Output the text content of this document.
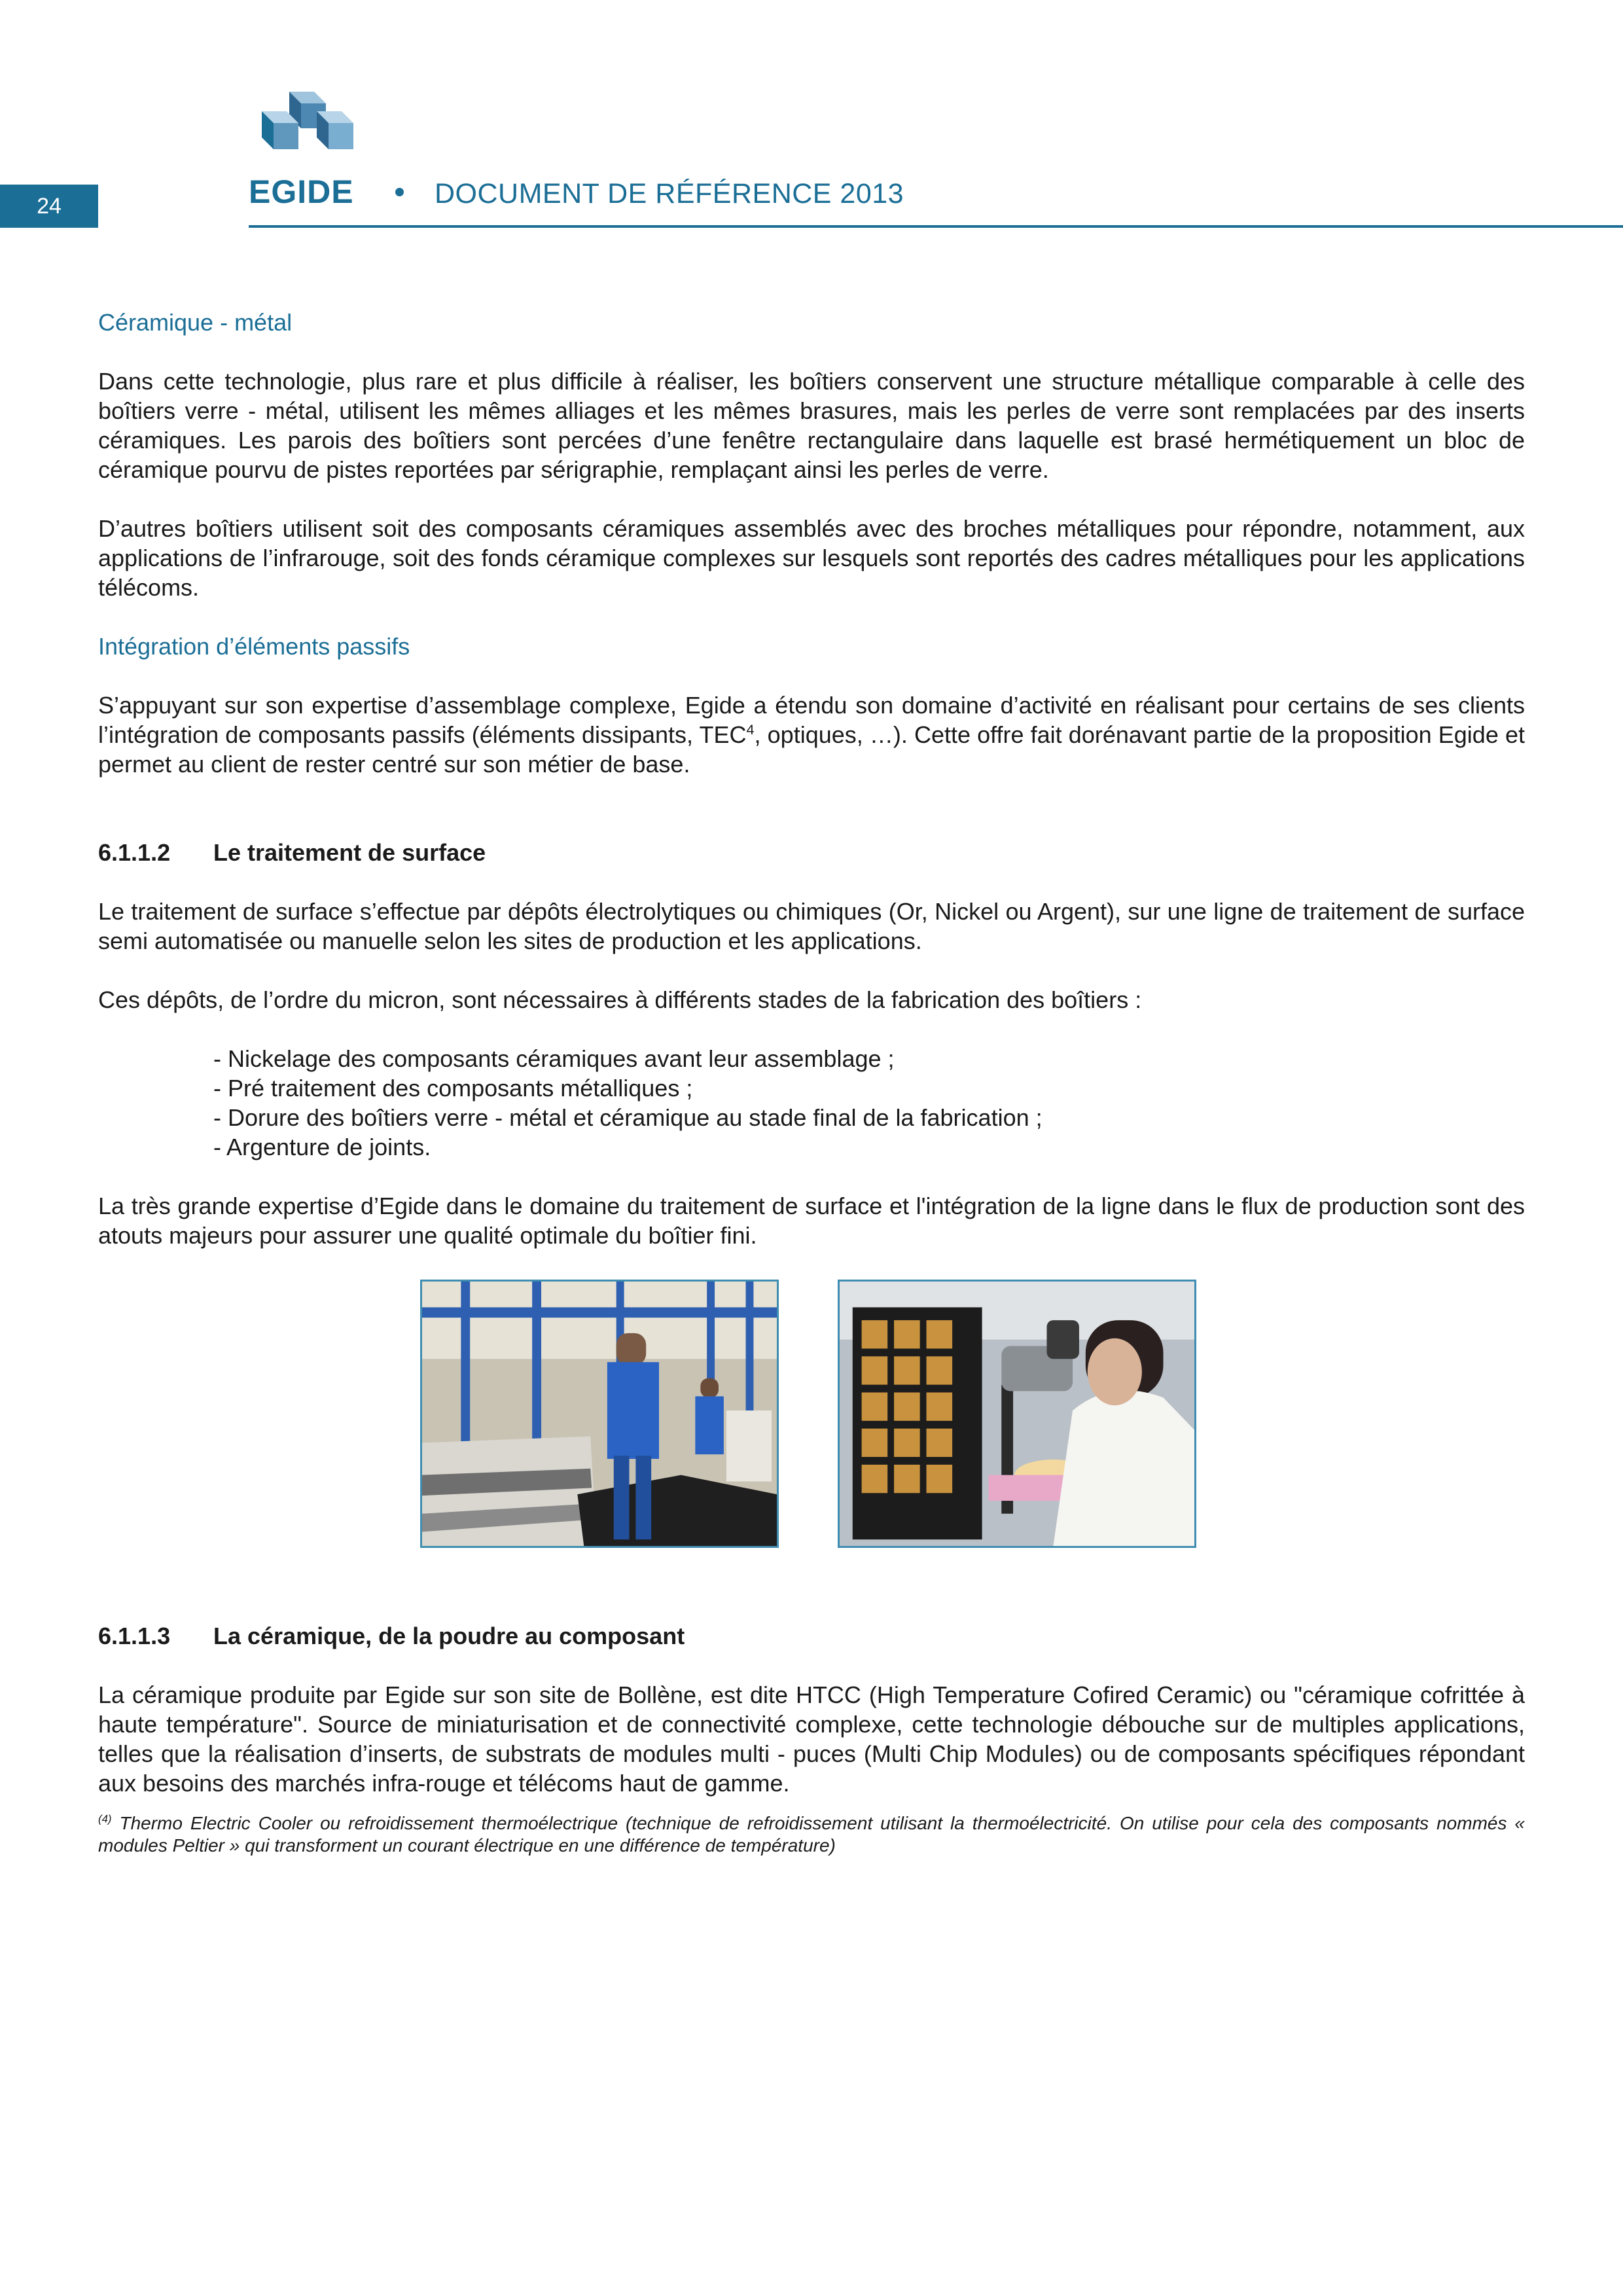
24	EGIDE	DOCUMENT DE RÉFÉRENCE 2013
Céramique - métal

Dans cette technologie, plus rare et plus difficile à réaliser, les boîtiers conservent une structure métallique comparable à celle des boîtiers verre - métal, utilisent les mêmes alliages et les mêmes brasures, mais les perles de verre sont remplacées par des inserts céramiques. Les parois des boîtiers sont percées d’une fenêtre rectangulaire dans laquelle est brasé hermétiquement un bloc de céramique pourvu de pistes reportées par sérigraphie, remplaçant ainsi les perles de verre.

D’autres boîtiers utilisent soit des composants céramiques assemblés avec des broches métalliques pour répondre, notamment, aux applications de l’infrarouge, soit des fonds céramique complexes sur lesquels sont reportés des cadres métalliques pour les applications télécoms.

Intégration d’éléments passifs

S’appuyant sur son expertise d’assemblage complexe, Egide a étendu son domaine d’activité en réalisant pour certains de ses clients l’intégration de composants passifs (éléments dissipants, TEC$^4$, optiques, …). Cette offre fait dorénavant partie de la proposition Egide et permet au client de rester centré sur son métier de base.

6.1.1.2	Le traitement de surface

Le traitement de surface s’effectue par dépôts électrolytiques ou chimiques (Or, Nickel ou Argent), sur une ligne de traitement de surface semi automatisée ou manuelle selon les sites de production et les applications.

Ces dépôts, de l’ordre du micron, sont nécessaires à différents stades de la fabrication des boîtiers :

- Nickelage des composants céramiques avant leur assemblage ;
- Pré traitement des composants métalliques ;
- Dorure des boîtiers verre - métal et céramique au stade final de la fabrication ;
- Argenture de joints.

La très grande expertise d’Egide dans le domaine du traitement de surface et l'intégration de la ligne dans le flux de production sont des atouts majeurs pour assurer une qualité optimale du boîtier fini.

6.1.1.3	La céramique, de la poudre au composant

La céramique produite par Egide sur son site de Bollène, est dite HTCC (High Temperature Cofired Ceramic) ou "céramique cofrittée à haute température". Source de miniaturisation et de connectivité complexe, cette technologie débouche sur de multiples applications, telles que la réalisation d’inserts, de substrats de modules multi - puces (Multi Chip Modules) ou de composants spécifiques répondant aux besoins des marchés infra-rouge et télécoms haut de gamme.

$^{(4)}$ Thermo Electric Cooler ou refroidissement thermoélectrique (technique de refroidissement utilisant la thermoélectricité. On utilise pour cela des composants nommés « modules Peltier » qui transforment un courant électrique en une différence de température)
